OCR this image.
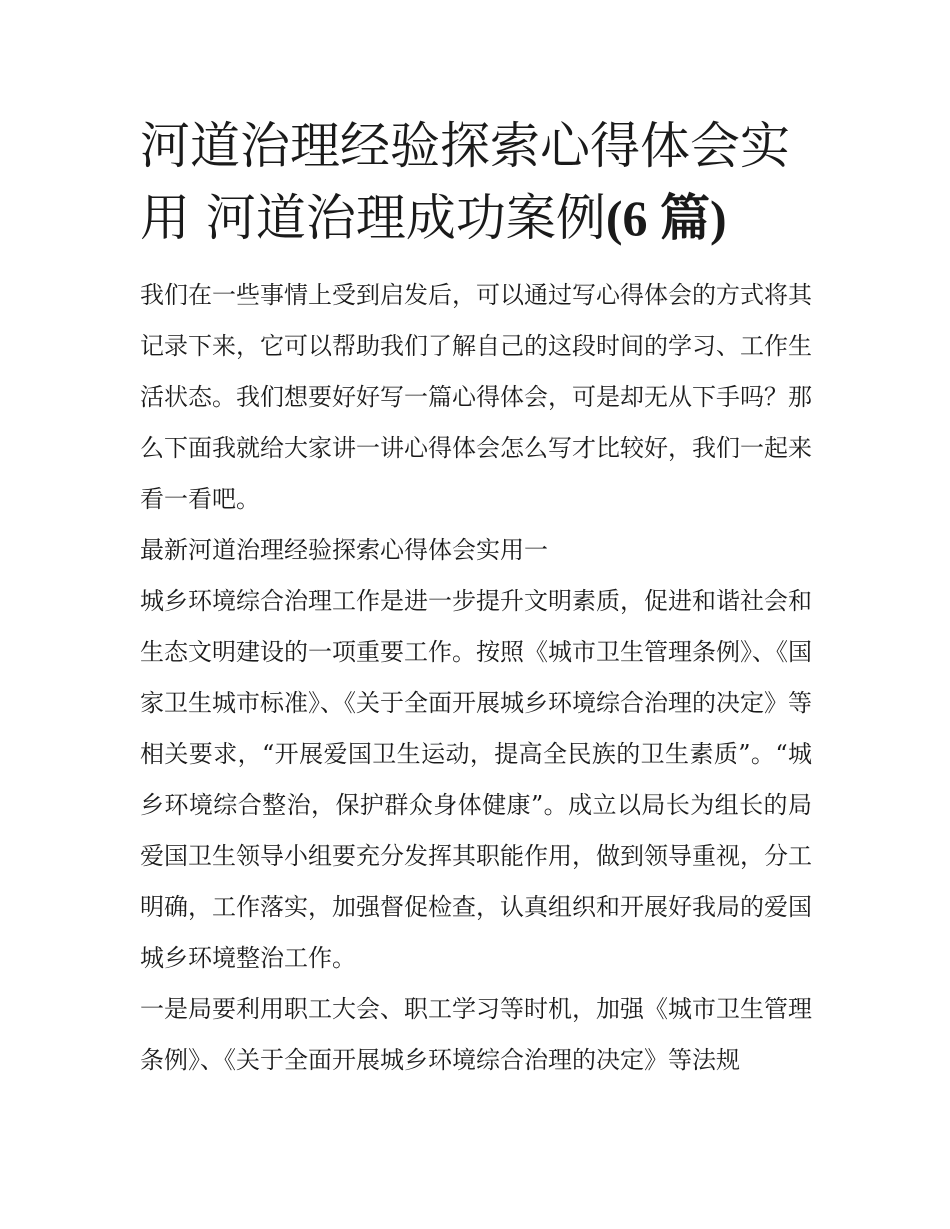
河道治理经验探索心得体会实用 河道治理成功案例(6 篇)

我们在一些事情上受到启发后，可以通过写心得体会的方式将其记录下来，它可以帮助我们了解自己的这段时间的学习、工作生活状态。我们想要好好写一篇心得体会，可是却无从下手吗？那么下面我就给大家讲一讲心得体会怎么写才比较好，我们一起来看一看吧。

最新河道治理经验探索心得体会实用一

城乡环境综合治理工作是进一步提升文明素质，促进和谐社会和生态文明建设的一项重要工作。按照《城市卫生管理条例》、《国家卫生城市标准》、《关于全面开展城乡环境综合治理的决定》等相关要求，“开展爱国卫生运动，提高全民族的卫生素质”。“城乡环境综合整治，保护群众身体健康”。成立以局长为组长的局爱国卫生领导小组要充分发挥其职能作用，做到领导重视，分工明确，工作落实，加强督促检查，认真组织和开展好我局的爱国城乡环境整治工作。

一是局要利用职工大会、职工学习等时机，加强《城市卫生管理条例》、《关于全面开展城乡环境综合治理的决定》等法规
